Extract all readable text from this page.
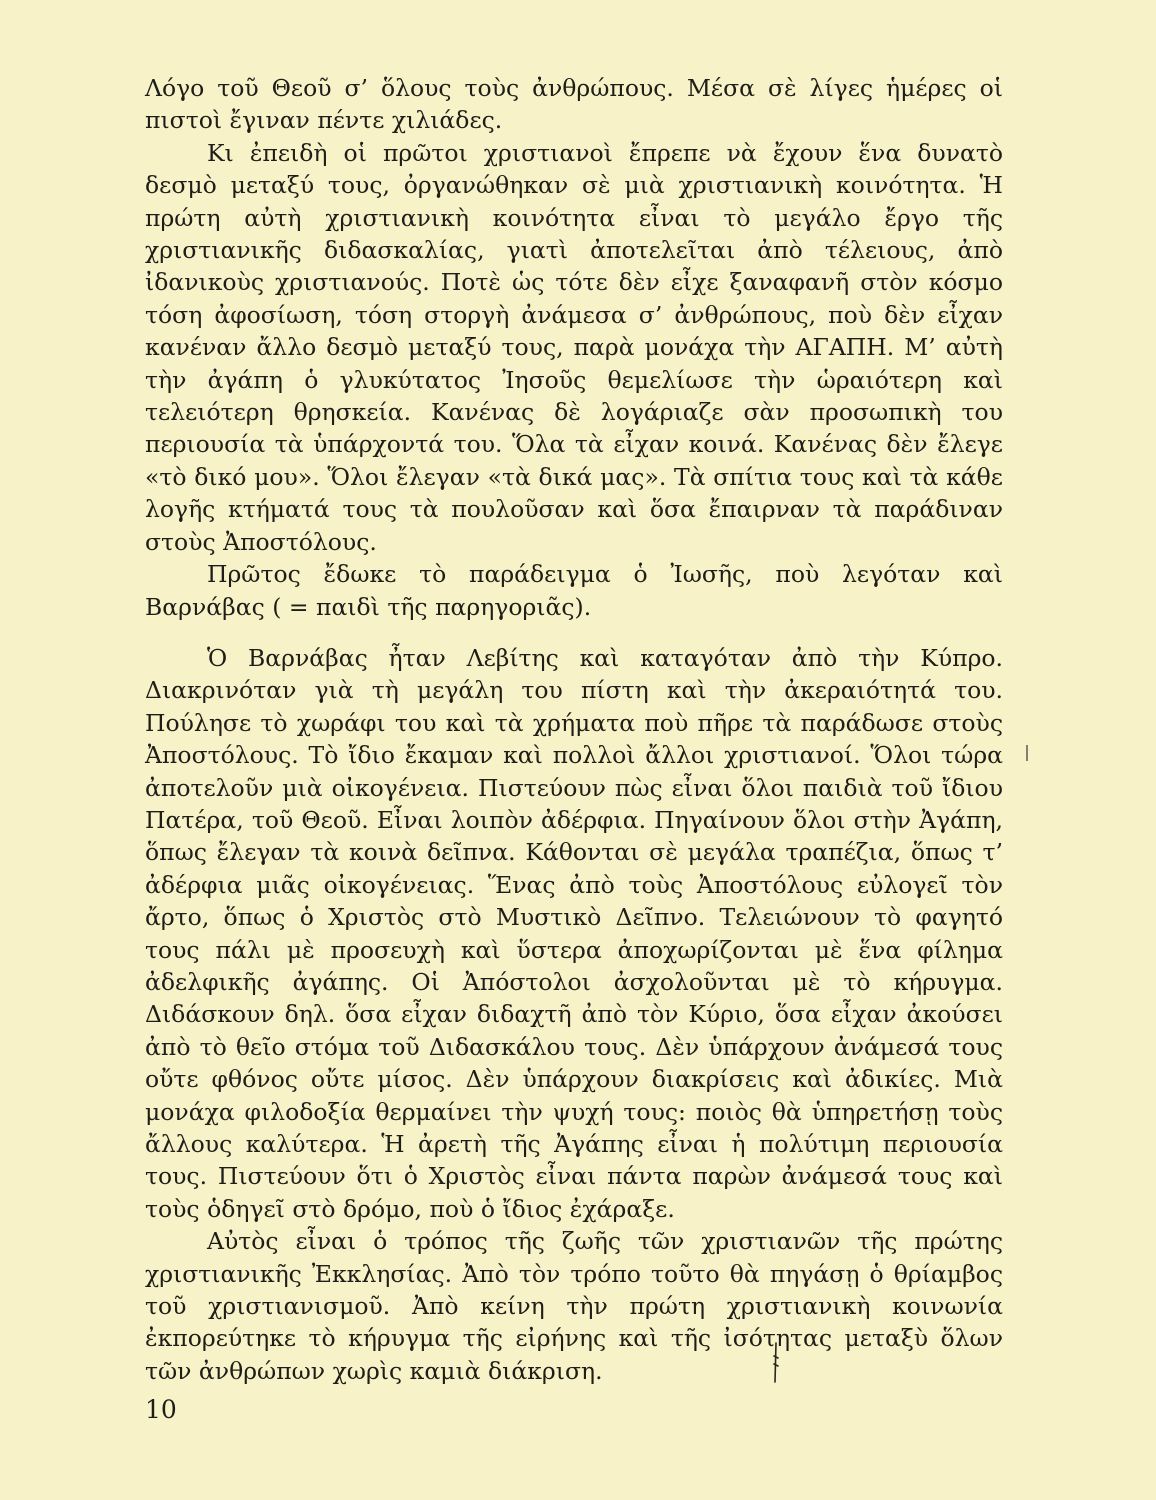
Λόγο τοῦ Θεοῦ σ’ ὅλους τοὺς ἀνθρώπους. Μέσα σὲ λίγες ἡμέρες οἱ πιστοὶ ἔγιναν πέντε χιλιάδες.

Κι ἐπειδὴ οἱ πρῶτοι χριστιανοὶ ἔπρεπε νὰ ἔχουν ἕνα δυνατὸ δεσμὸ μεταξύ τους, ὀργανώθηκαν σὲ μιὰ χριστιανικὴ κοινότητα. Ἡ πρώτη αὐτὴ χριστιανικὴ κοινότητα εἶναι τὸ μεγάλο ἔργο τῆς χριστιανικῆς διδασκαλίας, γιατὶ ἀποτελεῖται ἀπὸ τέλειους, ἀπὸ ἰδανικοὺς χριστιανούς. Ποτὲ ὡς τότε δὲν εἶχε ξαναφανῆ στὸν κόσμο τόση ἀφοσίωση, τόση στοργὴ ἀνάμεσα σ’ ἀνθρώπους, ποὺ δὲν εἶχαν κανέναν ἄλλο δεσμὸ μεταξύ τους, παρὰ μονάχα τὴν ΑΓΑΠΗ. Μ’ αὐτὴ τὴν ἀγάπη ὁ γλυκύτατος Ἰησοῦς θεμελίωσε τὴν ὡραιότερη καὶ τελειότερη θρησκεία. Κανένας δὲ λογάριαζε σὰν προσωπικὴ του περιουσία τὰ ὑπάρχοντά του. Ὅλα τὰ εἶχαν κοινά. Κανένας δὲν ἔλεγε «τὸ δικό μου». Ὅλοι ἔλεγαν «τὰ δικά μας». Τὰ σπίτια τους καὶ τὰ κάθε λογῆς κτήματά τους τὰ πουλοῦσαν καὶ ὅσα ἔπαιρναν τὰ παράδιναν στοὺς Ἀποστόλους.

Πρῶτος ἔδωκε τὸ παράδειγμα ὁ Ἰωσῆς, ποὺ λεγόταν καὶ Βαρνάβας ( = παιδὶ τῆς παρηγοριᾶς).

Ὁ Βαρνάβας ἦταν Λεβίτης καὶ καταγόταν ἀπὸ τὴν Κύπρο. Διακρινόταν γιὰ τὴ μεγάλη του πίστη καὶ τὴν ἀκεραιότητά του. Πούλησε τὸ χωράφι του καὶ τὰ χρήματα ποὺ πῆρε τὰ παράδωσε στοὺς Ἀποστόλους. Τὸ ἴδιο ἔκαμαν καὶ πολλοὶ ἄλλοι χριστιανοί. Ὅλοι τώρα ἀποτελοῦν μιὰ οἰκογένεια. Πιστεύουν πὼς εἶναι ὅλοι παιδιὰ τοῦ ἴδιου Πατέρα, τοῦ Θεοῦ. Εἶναι λοιπὸν ἀδέρφια. Πηγαίνουν ὅλοι στὴν Ἀγάπη, ὅπως ἔλεγαν τὰ κοινὰ δεῖπνα. Κάθονται σὲ μεγάλα τραπέζια, ὅπως τ’ ἀδέρφια μιᾶς οἰκογένειας. Ἕνας ἀπὸ τοὺς Ἀποστόλους εὐλογεῖ τὸν ἄρτο, ὅπως ὁ Χριστὸς στὸ Μυστικὸ Δεῖπνο. Τελειώνουν τὸ φαγητό τους πάλι μὲ προσευχὴ καὶ ὕστερα ἀποχωρίζονται μὲ ἕνα φίλημα ἀδελφικῆς ἀγάπης. Οἱ Ἀπόστολοι ἀσχολοῦνται μὲ τὸ κήρυγμα. Διδάσκουν δηλ. ὅσα εἶχαν διδαχτῆ ἀπὸ τὸν Κύριο, ὅσα εἶχαν ἀκούσει ἀπὸ τὸ θεῖο στόμα τοῦ Διδασκάλου τους. Δὲν ὑπάρχουν ἀνάμεσά τους οὔτε φθόνος οὔτε μίσος. Δὲν ὑπάρχουν διακρίσεις καὶ ἀδικίες. Μιὰ μονάχα φιλοδοξία θερμαίνει τὴν ψυχή τους: ποιὸς θὰ ὑπηρετήσῃ τοὺς ἄλλους καλύτερα. Ἡ ἀρετὴ τῆς Ἀγάπης εἶναι ἡ πολύτιμη περιουσία τους. Πιστεύουν ὅτι ὁ Χριστὸς εἶναι πάντα παρὼν ἀνάμεσά τους καὶ τοὺς ὁδηγεῖ στὸ δρόμο, ποὺ ὁ ἴδιος ἐχάραξε.

Αὐτὸς εἶναι ὁ τρόπος τῆς ζωῆς τῶν χριστιανῶν τῆς πρώτης χριστιανικῆς Ἐκκλησίας. Ἀπὸ τὸν τρόπο τοῦτο θὰ πηγάσῃ ὁ θρίαμβος τοῦ χριστιανισμοῦ. Ἀπὸ κείνη τὴν πρώτη χριστιανικὴ κοινωνία ἐκπορεύτηκε τὸ κήρυγμα τῆς εἰρήνης καὶ τῆς ἰσότητας μεταξὺ ὅλων τῶν ἀνθρώπων χωρὶς καμιὰ διάκριση.

10
